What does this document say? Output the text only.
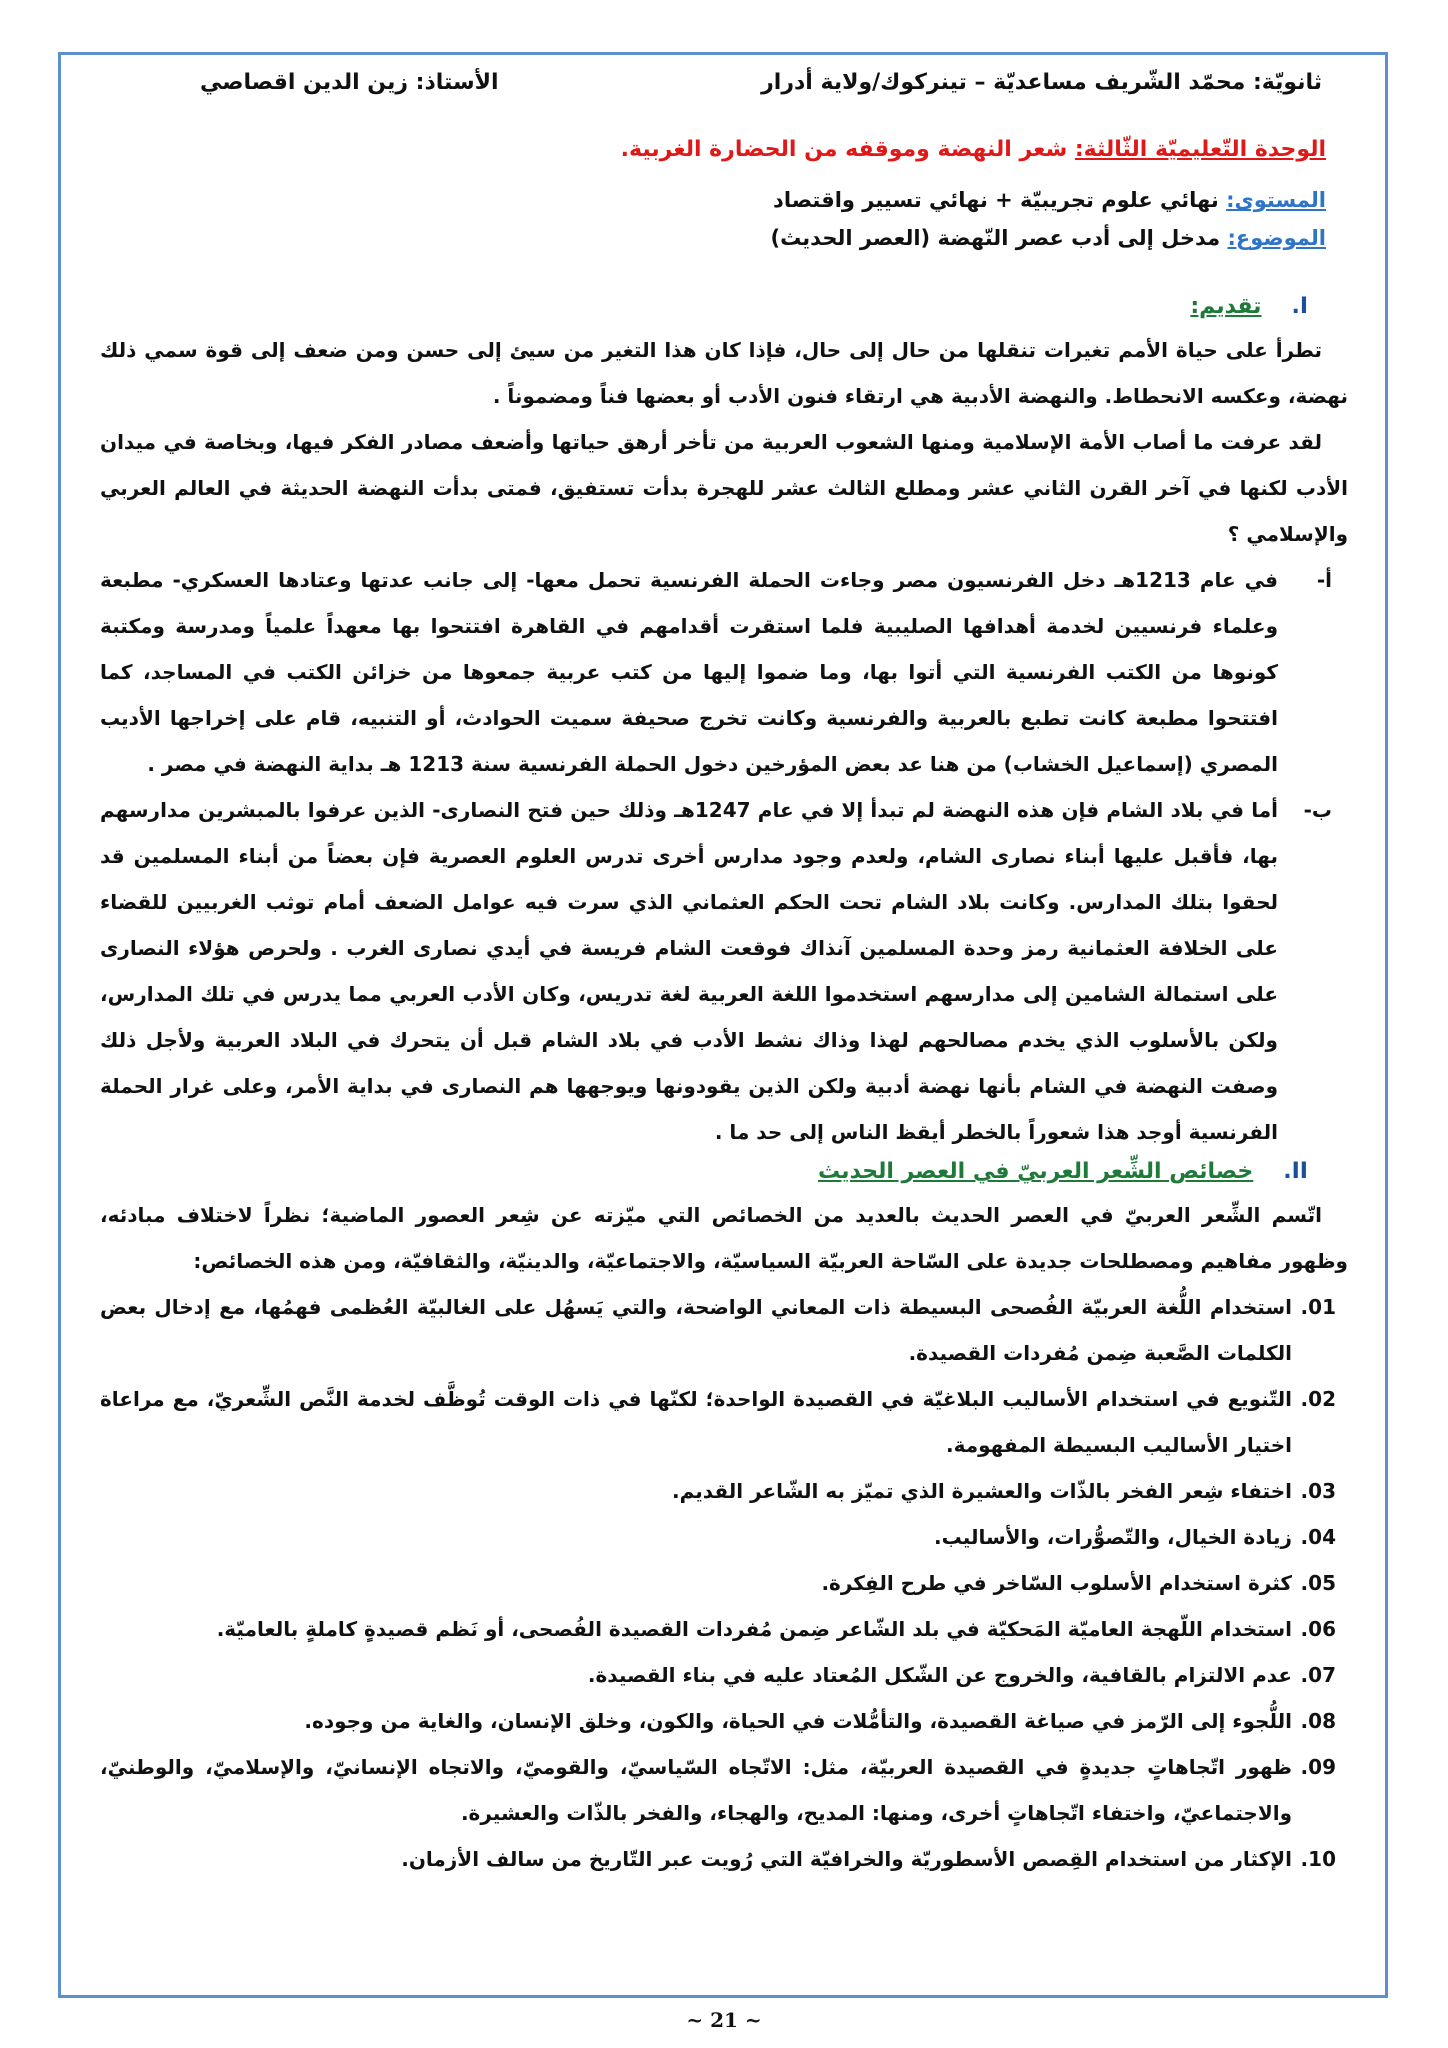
ثانويّة: محمّد الشّريف مساعديّة – تينركوك/ولاية أدرار
الأستاذ: زين الدين اقصاصي
الوحدة التّعليميّة الثّالثة: شعر النهضة وموقفه من الحضارة الغربية.
المستوى: نهائي علوم تجريبيّة + نهائي تسيير واقتصاد
الموضوع: مدخل إلى أدب عصر النّهضة (العصر الحديث)
I.
تقديم:

تطرأ على حياة الأمم تغيرات تنقلها من حال إلى حال، فإذا كان هذا التغير من سيئ إلى حسن ومن ضعف إلى قوة سمي ذلك نهضة، وعكسه الانحطاط. والنهضة الأدبية هي ارتقاء فنون الأدب أو بعضها فناً ومضموناً .

لقد عرفت ما أصاب الأمة الإسلامية ومنها الشعوب العربية من تأخر أرهق حياتها وأضعف مصادر الفكر فيها، وبخاصة في ميدان الأدب لكنها في آخر القرن الثاني عشر ومطلع الثالث عشر للهجرة بدأت تستفيق، فمتى بدأت النهضة الحديثة في العالم العربي والإسلامي ؟

أ-
في عام 1213هـ دخل الفرنسيون مصر وجاءت الحملة الفرنسية تحمل معها- إلى جانب عدتها وعتادها العسكري- مطبعة وعلماء فرنسيين لخدمة أهدافها الصليبية فلما استقرت أقدامهم في القاهرة افتتحوا بها معهداً علمياً ومدرسة ومكتبة كونوها من الكتب الفرنسية التي أتوا بها، وما ضموا إليها من كتب عربية جمعوها من خزائن الكتب في المساجد، كما افتتحوا مطبعة كانت تطبع بالعربية والفرنسية وكانت تخرج صحيفة سميت الحوادث، أو التنبيه، قام على إخراجها الأديب المصري (إسماعيل الخشاب) من هنا عد بعض المؤرخين دخول الحملة الفرنسية سنة 1213 هـ بداية النهضة في مصر .
ب-
أما في بلاد الشام فإن هذه النهضة لم تبدأ إلا في عام 1247هـ وذلك حين فتح النصارى- الذين عرفوا بالمبشرين مدارسهم بها، فأقبل عليها أبناء نصارى الشام، ولعدم وجود مدارس أخرى تدرس العلوم العصرية فإن بعضاً من أبناء المسلمين قد لحقوا بتلك المدارس. وكانت بلاد الشام تحت الحكم العثماني الذي سرت فيه عوامل الضعف أمام توثب الغربيين للقضاء على الخلافة العثمانية رمز وحدة المسلمين آنذاك فوقعت الشام فريسة في أيدي نصارى الغرب . ولحرص هؤلاء النصارى على استمالة الشامين إلى مدارسهم استخدموا اللغة العربية لغة تدريس، وكان الأدب العربي مما يدرس في تلك المدارس، ولكن بالأسلوب الذي يخدم مصالحهم لهذا وذاك نشط الأدب في بلاد الشام قبل أن يتحرك في البلاد العربية ولأجل ذلك وصفت النهضة في الشام بأنها نهضة أدبية ولكن الذين يقودونها ويوجهها هم النصارى في بداية الأمر، وعلى غرار الحملة الفرنسية أوجد هذا شعوراً بالخطر أيقظ الناس إلى حد ما .
II.
خصائص الشِّعر العربيّ في العصر الحديث

اتّسم الشِّعر العربيّ في العصر الحديث بالعديد من الخصائص التي ميّزته عن شِعر العصور الماضية؛ نظراً لاختلاف مبادئه، وظهور مفاهيم ومصطلحات جديدة على السّاحة العربيّة السياسيّة، والاجتماعيّة، والدينيّة، والثقافيّة، ومن هذه الخصائص:

01.
استخدام اللُّغة العربيّة الفُصحى البسيطة ذات المعاني الواضحة، والتي يَسهُل على الغالبيّة العُظمى فهمُها، مع إدخال بعض الكلمات الصَّعبة ضِمن مُفردات القصيدة.
02.
التّنويع في استخدام الأساليب البلاغيّة في القصيدة الواحدة؛ لكنّها في ذات الوقت تُوظَّف لخدمة النَّص الشِّعريّ، مع مراعاة اختيار الأساليب البسيطة المفهومة.
03.
اختفاء شِعر الفخر بالذّات والعشيرة الذي تميّز به الشّاعر القديم.
04.
زيادة الخيال، والتّصوُّرات، والأساليب.
05.
كثرة استخدام الأسلوب السّاخر في طرح الفِكرة.
06.
استخدام اللّهجة العاميّة المَحكيّة في بلد الشّاعر ضِمن مُفردات القصيدة الفُصحى، أو نَظم قصيدةٍ كاملةٍ بالعاميّة.
07.
عدم الالتزام بالقافية، والخروج عن الشّكل المُعتاد عليه في بناء القصيدة.
08.
اللُّجوء إلى الرّمز في صياغة القصيدة، والتأمُّلات في الحياة، والكون، وخلق الإنسان، والغاية من وجوده.
09.
ظهور اتّجاهاتٍ جديدةٍ في القصيدة العربيّة، مثل: الاتّجاه السّياسيّ، والقوميّ، والاتجاه الإنسانيّ، والإسلاميّ، والوطنيّ، والاجتماعيّ، واختفاء اتّجاهاتٍ أخرى، ومنها: المديح، والهجاء، والفخر بالذّات والعشيرة.
10.
الإكثار من استخدام القِصص الأسطوريّة والخرافيّة التي رُويت عبر التّاريخ من سالف الأزمان.
~ 21 ~
